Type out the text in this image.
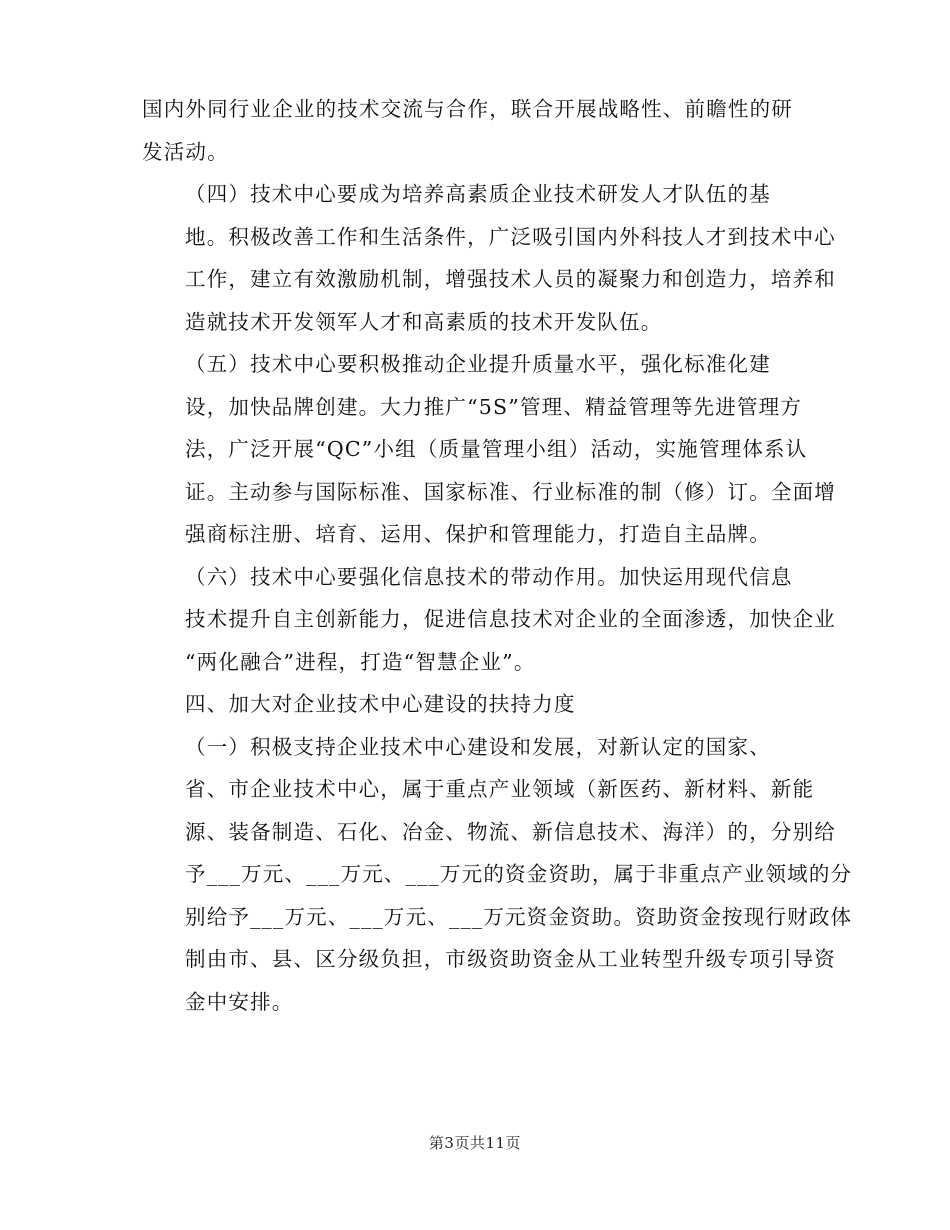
国内外同行业企业的技术交流与合作，联合开展战略性、前瞻性的研
发活动。

（四）技术中心要成为培养高素质企业技术研发人才队伍的基
地。积极改善工作和生活条件，广泛吸引国内外科技人才到技术中心
工作，建立有效激励机制，增强技术人员的凝聚力和创造力，培养和
造就技术开发领军人才和高素质的技术开发队伍。

（五）技术中心要积极推动企业提升质量水平，强化标准化建
设，加快品牌创建。大力推广“5S”管理、精益管理等先进管理方
法，广泛开展“QC”小组（质量管理小组）活动，实施管理体系认
证。主动参与国际标准、国家标准、行业标准的制（修）订。全面增
强商标注册、培育、运用、保护和管理能力，打造自主品牌。

（六）技术中心要强化信息技术的带动作用。加快运用现代信息
技术提升自主创新能力，促进信息技术对企业的全面渗透，加快企业
“两化融合”进程，打造“智慧企业”。

四、加大对企业技术中心建设的扶持力度

（一）积极支持企业技术中心建设和发展，对新认定的国家、
省、市企业技术中心，属于重点产业领域（新医药、新材料、新能
源、装备制造、石化、冶金、物流、新信息技术、海洋）的，分别给
予___万元、___万元、___万元的资金资助，属于非重点产业领域的分
别给予___万元、___万元、___万元资金资助。资助资金按现行财政体
制由市、县、区分级负担，市级资助资金从工业转型升级专项引导资
金中安排。

第3页共11页
